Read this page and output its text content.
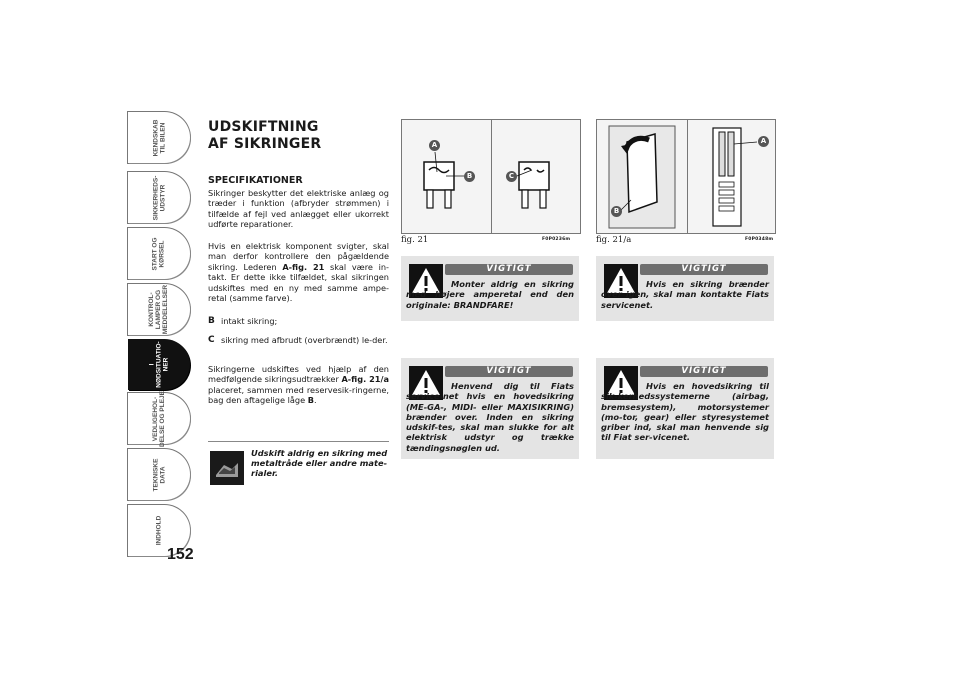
KENDSKAB
TIL BILEN
SIKKERHEDS-
UDSTYR
START OG
KØRSEL
KONTROL-
LAMPER OG
MEDDELELSER
I
NØDSITUATIO-
NER
VEDLIGEHOL-
DELSE OG PLEJE
TEKNISKE
DATA
INDHOLD
152
UDSKIFTNING
AF SIKRINGER
SPECIFIKATIONER
Sikringer beskytter det elektriske anlæg og træder i funktion (afbryder strømmen) i tilfælde af fejl ved anlægget eller ukorrekt udførte reparationer.
Hvis en elektrisk komponent svigter, skal man derfor kontrollere den pågældende sikring. Lederen A-fig. 21 skal være in-takt. Er dette ikke tilfældet, skal sikringen udskiftes med en ny med samme ampe-retal (samme farve).
B intakt sikring;
C sikring med afbrudt (overbrændt) le-der.
Sikringerne udskiftes ved hjælp af den medfølgende sikringsudtrækker A-fig. 21/a placeret, sammen med reservesik-ringerne, bag den aftagelige låge B.
Udskift aldrig en sikring med metaltråde eller andre mate-rialer.
A
B	C
fig. 21	F0P0236m
A
B
fig. 21/a	F0P0348m
VIGTIGT
Monter aldrig en sikring med højere amperetal end den originale: BRANDFARE!
VIGTIGT
Hvis en sikring brænder over igen, skal man kontakte Fiats servicenet.
VIGTIGT
Henvend dig til Fiats service-net hvis en hovedsikring (ME-GA-, MIDI- eller MAXISIKRING) brænder over. Inden en sikring udskif-tes, skal man slukke for alt elektrisk udstyr og trække tændingsnøglen ud.
VIGTIGT
Hvis en hovedsikring til sik-kerhedssystemerne (airbag, bremsesystem), motorsystemer (mo-tor, gear) eller styresystemet griber ind, skal man henvende sig til Fiat ser-vicenet.
